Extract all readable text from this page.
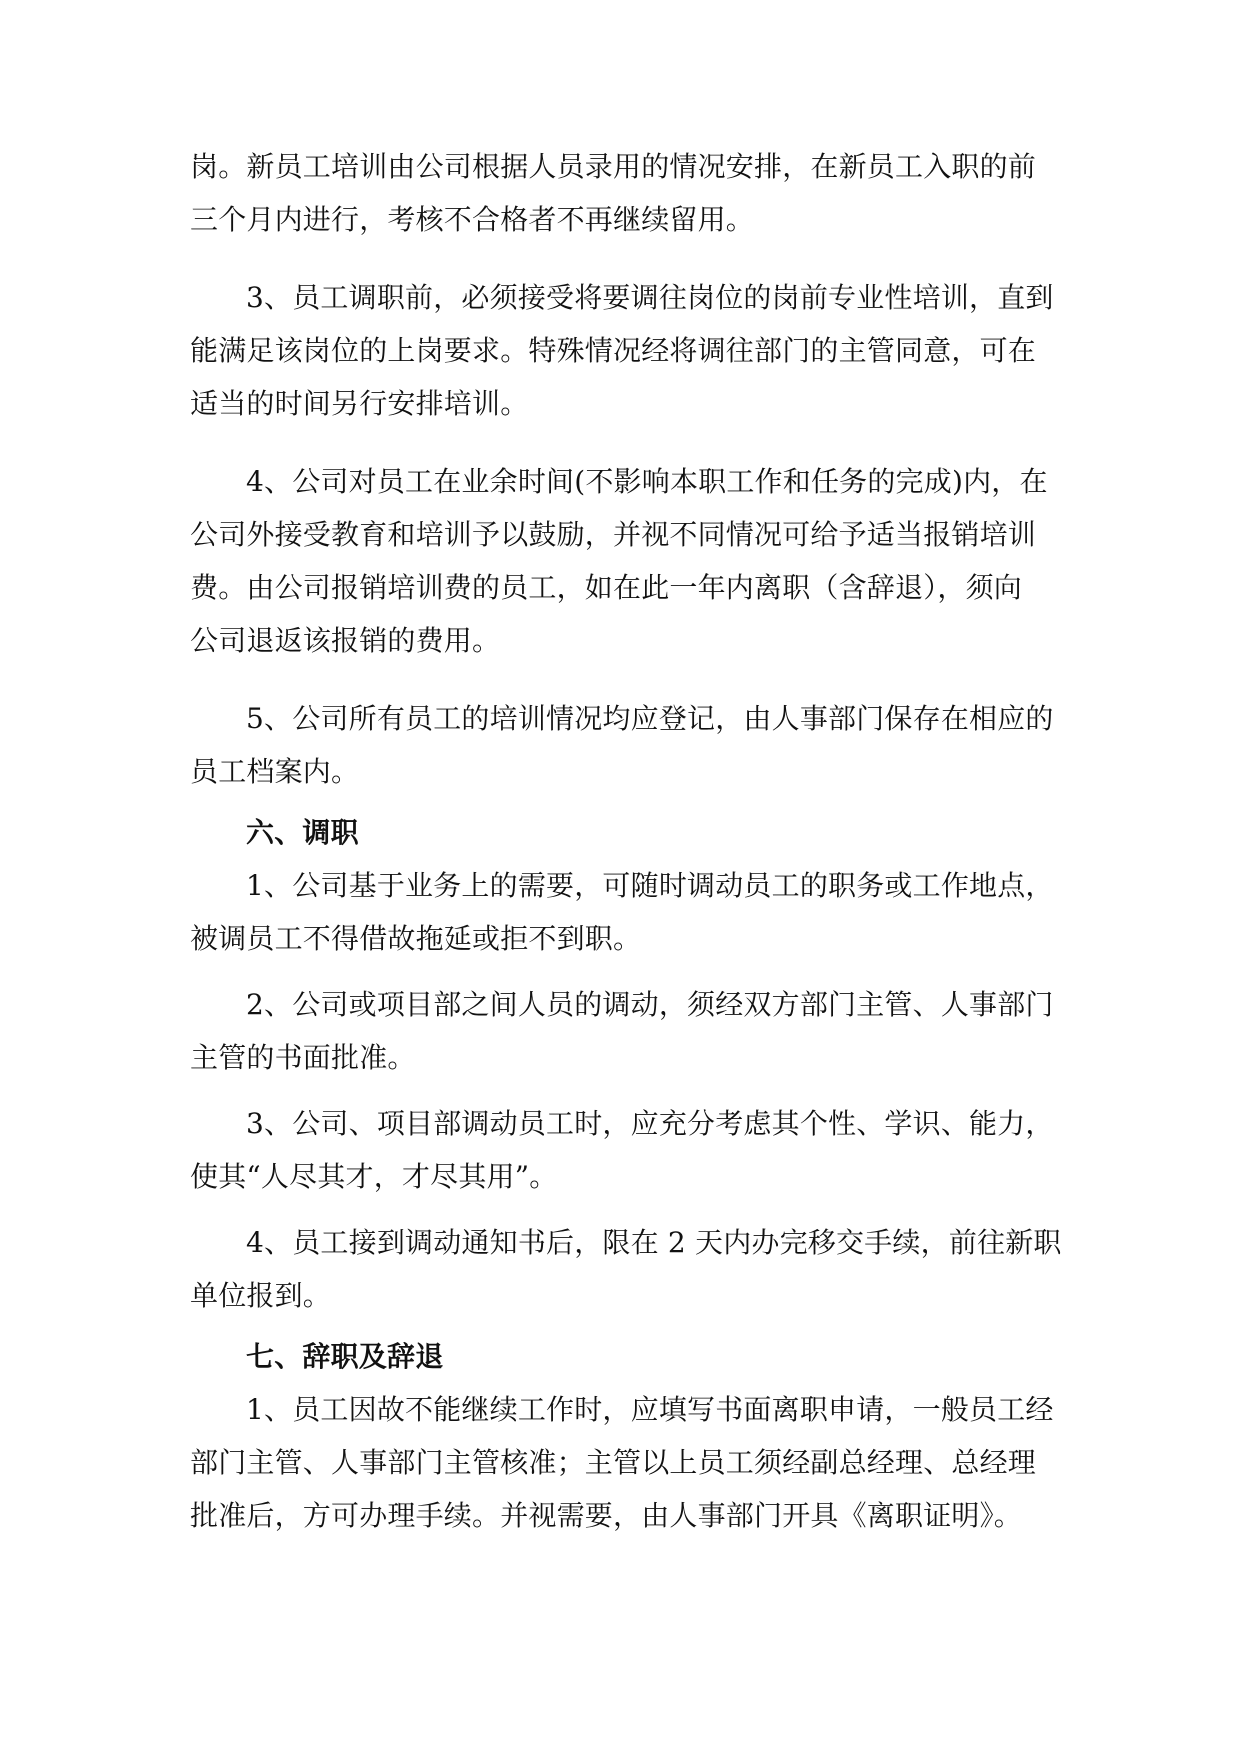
岗。新员工培训由公司根据人员录用的情况安排，在新员工入职的前
三个月内进行，考核不合格者不再继续留用。
3、员工调职前，必须接受将要调往岗位的岗前专业性培训，直到
能满足该岗位的上岗要求。特殊情况经将调往部门的主管同意，可在
适当的时间另行安排培训。
4、公司对员工在业余时间(不影响本职工作和任务的完成)内，在
公司外接受教育和培训予以鼓励，并视不同情况可给予适当报销培训
费。由公司报销培训费的员工，如在此一年内离职（含辞退），须向
公司退返该报销的费用。
5、公司所有员工的培训情况均应登记，由人事部门保存在相应的
员工档案内。
六、调职
1、公司基于业务上的需要，可随时调动员工的职务或工作地点，
被调员工不得借故拖延或拒不到职。
2、公司或项目部之间人员的调动，须经双方部门主管、人事部门
主管的书面批准。
3、公司、项目部调动员工时，应充分考虑其个性、学识、能力，
使其“人尽其才，才尽其用”。
4、员工接到调动通知书后，限在 2 天内办完移交手续，前往新职
单位报到。
七、辞职及辞退
1、员工因故不能继续工作时，应填写书面离职申请，一般员工经
部门主管、人事部门主管核准；主管以上员工须经副总经理、总经理
批准后，方可办理手续。并视需要，由人事部门开具《离职证明》。
